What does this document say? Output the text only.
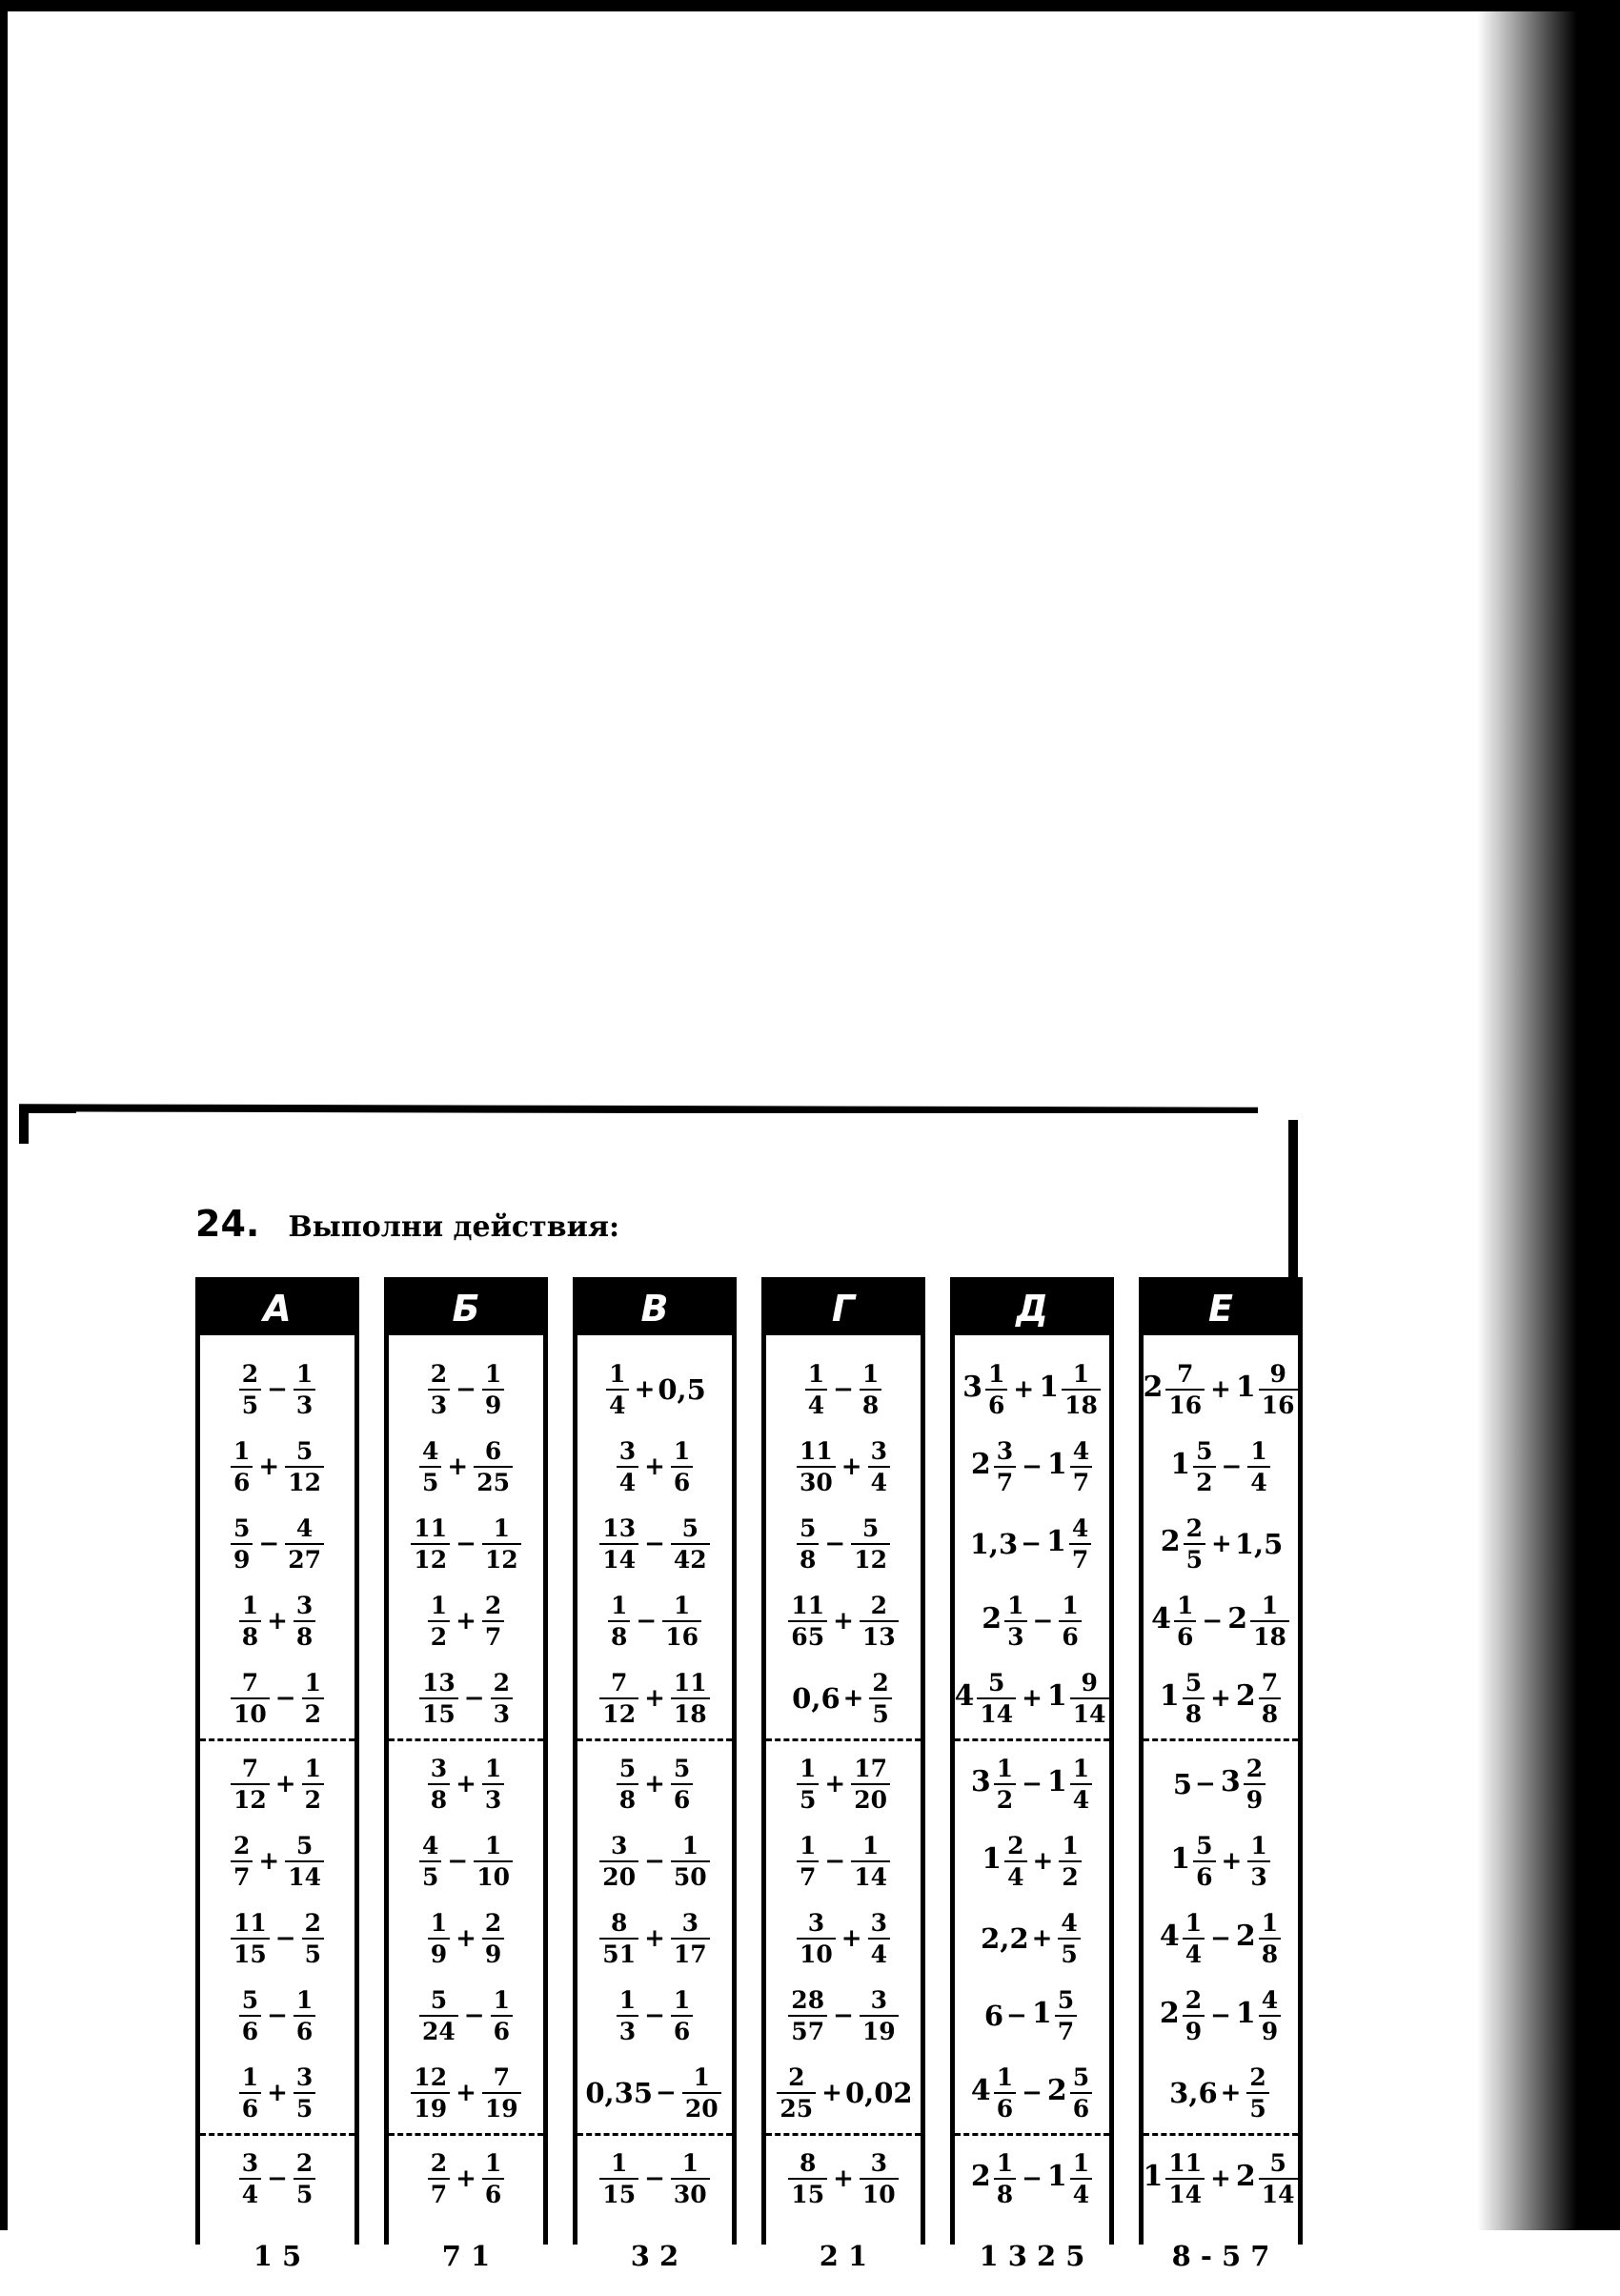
24. Выполни действия:
А
$\frac{2}{5} - \frac{1}{3}$
$\frac{1}{6} + \frac{5}{12}$
$\frac{5}{9} - \frac{4}{27}$
$\frac{1}{8} + \frac{3}{8}$
$\frac{7}{10} - \frac{1}{2}$
$\frac{7}{12} + \frac{1}{2}$
$\frac{2}{7} + \frac{5}{14}$
$\frac{11}{15} - \frac{2}{5}$
$\frac{5}{6} - \frac{1}{6}$
$\frac{1}{6} + \frac{3}{5}$
$\frac{3}{4} - \frac{2}{5}$
1 5
Б
$\frac{2}{3} - \frac{1}{9}$
$\frac{4}{5} + \frac{6}{25}$
$\frac{11}{12} - \frac{1}{12}$
$\frac{1}{2} + \frac{2}{7}$
$\frac{13}{15} - \frac{2}{3}$
$\frac{3}{8} + \frac{1}{3}$
$\frac{4}{5} - \frac{1}{10}$
$\frac{1}{9} + \frac{2}{9}$
$\frac{5}{24} - \frac{1}{6}$
$\frac{12}{19} + \frac{7}{19}$
$\frac{2}{7} + \frac{1}{6}$
7 1
В
$\frac{1}{4} + 0,5$
$\frac{3}{4} + \frac{1}{6}$
$\frac{13}{14} - \frac{5}{42}$
$\frac{1}{8} - \frac{1}{16}$
$\frac{7}{12} + \frac{11}{18}$
$\frac{5}{8} + \frac{5}{6}$
$\frac{3}{20} - \frac{1}{50}$
$\frac{8}{51} + \frac{3}{17}$
$\frac{1}{3} - \frac{1}{6}$
$0,35 - \frac{1}{20}$
$\frac{1}{15} - \frac{1}{30}$
3 2
Г
$\frac{1}{4} - \frac{1}{8}$
$\frac{11}{30} + \frac{3}{4}$
$\frac{5}{8} - \frac{5}{12}$
$\frac{11}{65} + \frac{2}{13}$
$0,6 + \frac{2}{5}$
$\frac{1}{5} + \frac{17}{20}$
$\frac{1}{7} - \frac{1}{14}$
$\frac{3}{10} + \frac{3}{4}$
$\frac{28}{57} - \frac{3}{19}$
$\frac{2}{25} + 0,02$
$\frac{8}{15} + \frac{3}{10}$
2 1
Д
$3 \frac{1}{6} + 1 \frac{1}{18}$
$2 \frac{3}{7} - 1 \frac{4}{7}$
$1,3 - 1 \frac{4}{7}$
$2 \frac{1}{3} - \frac{1}{6}$
$4 \frac{5}{14} + 1 \frac{9}{14}$
$3 \frac{1}{2} - 1 \frac{1}{4}$
$1 \frac{2}{4} + \frac{1}{2}$
$2,2 + \frac{4}{5}$
$6 - 1 \frac{5}{7}$
$4 \frac{1}{6} - 2 \frac{5}{6}$
$2 \frac{1}{8} - 1 \frac{1}{4}$
1 3 2 5
Е
$2 \frac{7}{16} + 1 \frac{9}{16}$
$1 \frac{5}{2} - \frac{1}{4}$
$2 \frac{2}{5} + 1,5$
$4 \frac{1}{6} - 2 \frac{1}{18}$
$1 \frac{5}{8} + 2 \frac{7}{8}$
$5 - 3 \frac{2}{9}$
$1 \frac{5}{6} + \frac{1}{3}$
$4 \frac{1}{4} - 2 \frac{1}{8}$
$2 \frac{2}{9} - 1 \frac{4}{9}$
$3,6 + \frac{2}{5}$
$1 \frac{11}{14} + 2 \frac{5}{14}$
8 - 5 7
